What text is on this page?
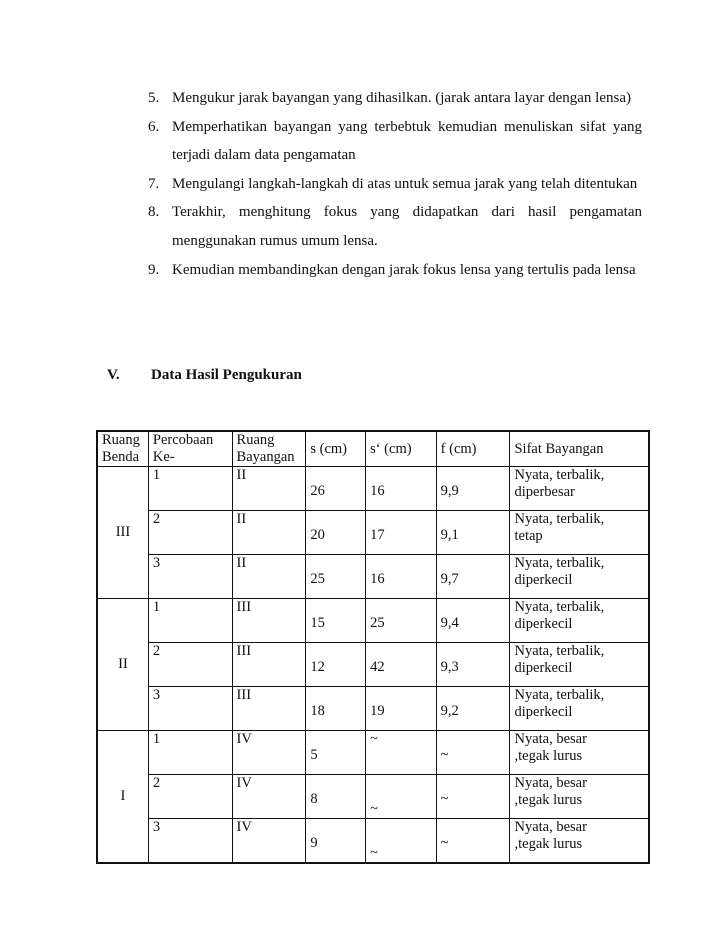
5. Mengukur jarak bayangan yang dihasilkan. (jarak antara layar dengan lensa)
6. Memperhatikan bayangan yang terbebtuk kemudian menuliskan sifat yang terjadi dalam data pengamatan
7. Mengulangi langkah-langkah di atas untuk semua jarak yang telah ditentukan
8. Terakhir, menghitung fokus yang didapatkan dari hasil pengamatan menggunakan rumus umum lensa.
9. Kemudian membandingkan dengan jarak fokus lensa yang tertulis pada lensa
V. Data Hasil Pengukuran
Ruang Benda	Percobaan Ke-	Ruang Bayangan	s (cm)	s‘ (cm)	f (cm)	Sifat Bayangan
III	1	II	26	16	9,9	Nyata, terbalik,
diperbesar

	2	II	20	17	9,1	Nyata, terbalik,
tetap

	3	II	25	16	9,7	Nyata, terbalik,
diperkecil

II	1	III	15	25	9,4	Nyata, terbalik,
diperkecil

	2	III	12	42	9,3	Nyata, terbalik,
diperkecil

	3	III	18	19	9,2	Nyata, terbalik,
diperkecil

I	1	IV	5	~	~	Nyata, besar
,tegak lurus

	2	IV	8	~	~	Nyata, besar
,tegak lurus

	3	IV	9	~	~	Nyata, besar
,tegak lurus
